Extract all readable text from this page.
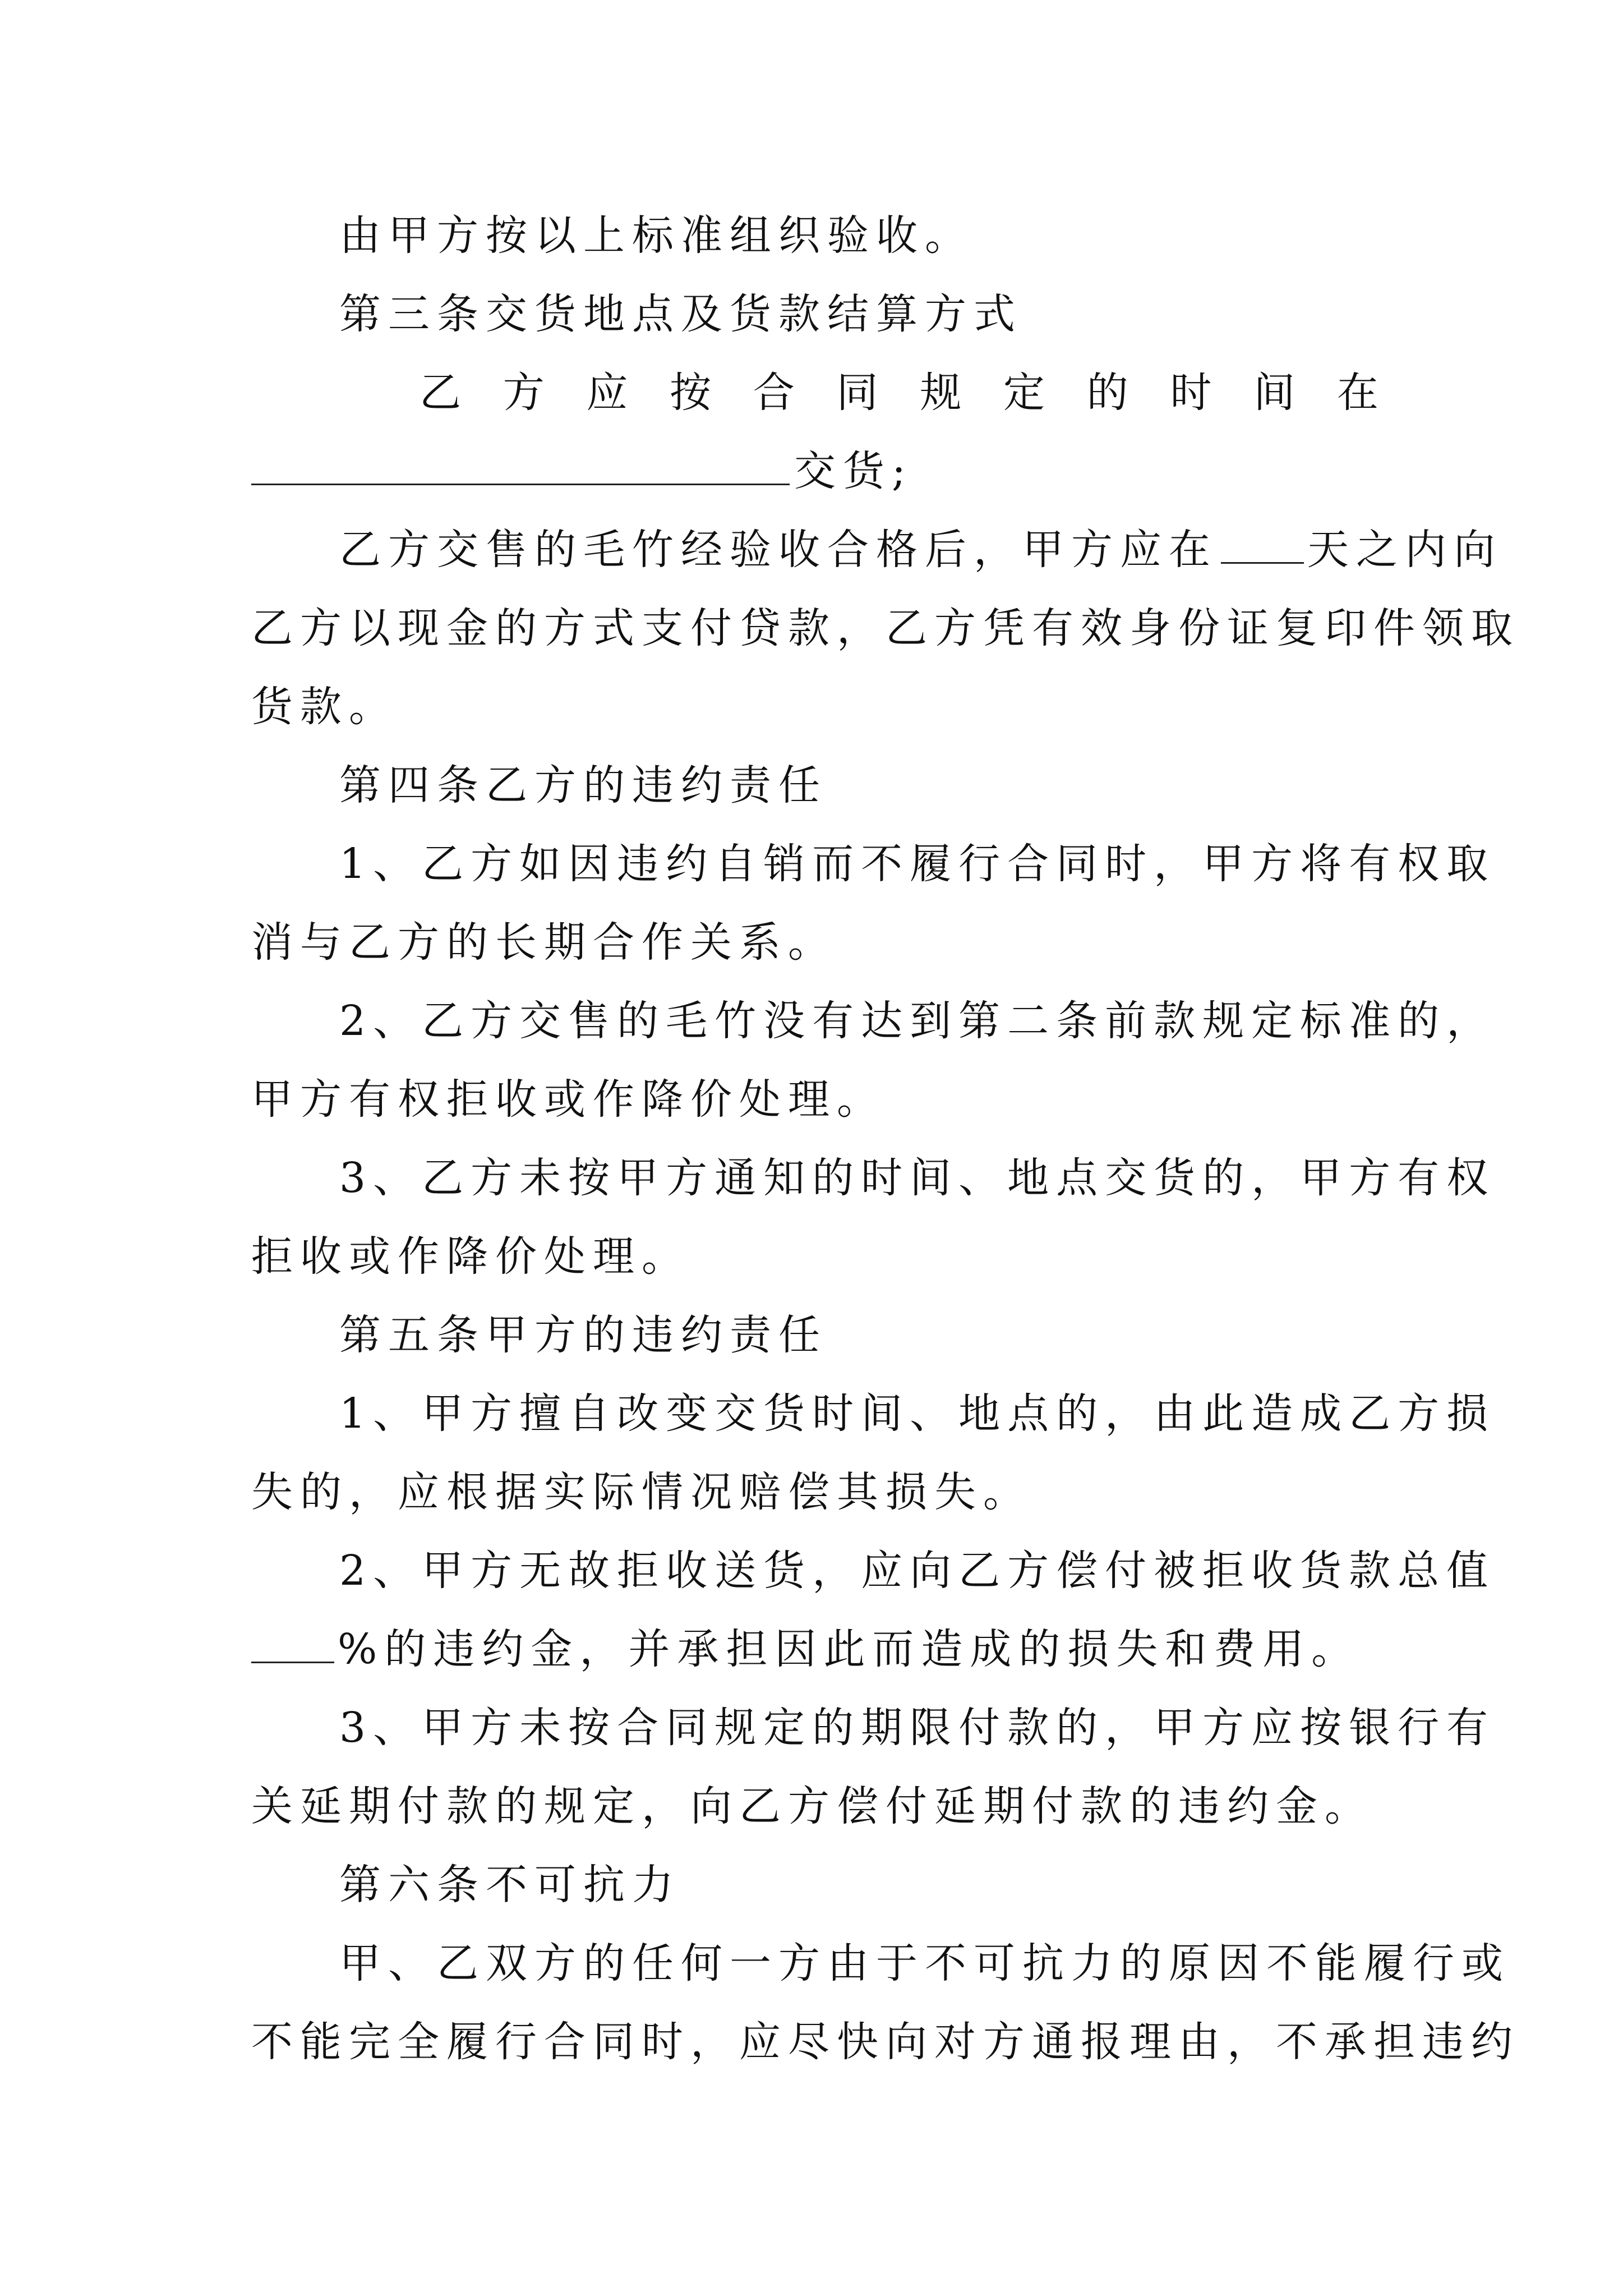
由甲方按以上标准组织验收。
第三条交货地点及货款结算方式
乙 方 应 按 合 同 规 定 的 时 间 在
交货;
乙方交售的毛竹经验收合格后，甲方应在 天之内向
乙方以现金的方式支付贷款，乙方凭有效身份证复印件领取
货款。
第四条乙方的违约责任
1、乙方如因违约自销而不履行合同时，甲方将有权取
消与乙方的长期合作关系。
2、乙方交售的毛竹没有达到第二条前款规定标准的，
甲方有权拒收或作降价处理。
3、乙方未按甲方通知的时间、地点交货的，甲方有权
拒收或作降价处理。
第五条甲方的违约责任
1、甲方擅自改变交货时间、地点的，由此造成乙方损
失的，应根据实际情况赔偿其损失。
2、甲方无故拒收送货，应向乙方偿付被拒收货款总值
%的违约金，并承担因此而造成的损失和费用。
3、甲方未按合同规定的期限付款的，甲方应按银行有
关延期付款的规定，向乙方偿付延期付款的违约金。
第六条不可抗力
甲、乙双方的任何一方由于不可抗力的原因不能履行或
不能完全履行合同时，应尽快向对方通报理由，不承担违约
